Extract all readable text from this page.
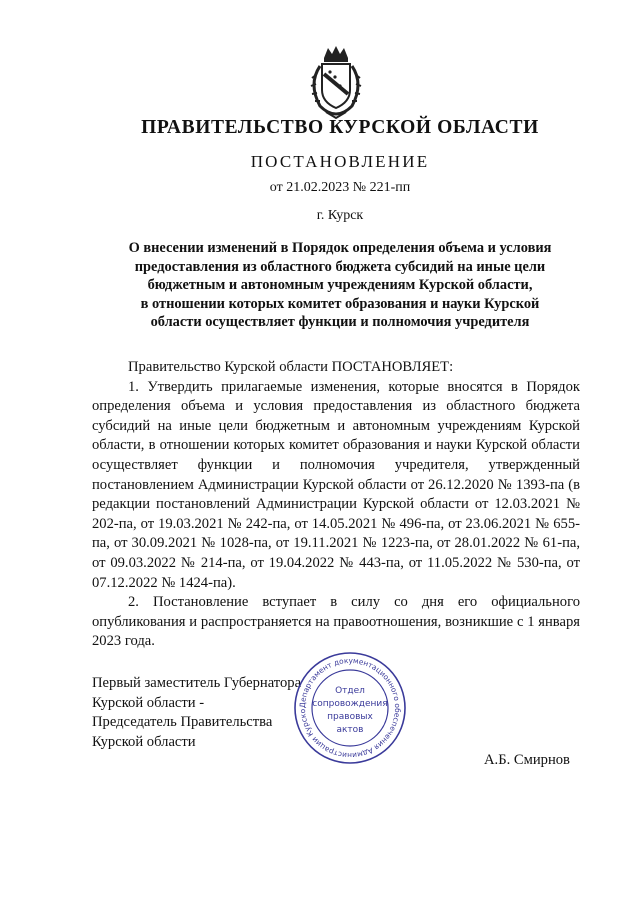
ПРАВИТЕЛЬСТВО КУРСКОЙ ОБЛАСТИ
ПОСТАНОВЛЕНИЕ
от 21.02.2023 № 221-пп
г. Курск
О внесении изменений в Порядок определения объема и условия
предоставления из областного бюджета субсидий на иные цели
бюджетным и автономным учреждениям Курской области,
в отношении которых комитет образования и науки Курской
области осуществляет функции и полномочия учредителя

Правительство Курской области ПОСТАНОВЛЯЕТ:

1. Утвердить прилагаемые изменения, которые вносятся в Порядок определения объема и условия предоставления из областного бюджета субсидий на иные цели бюджетным и автономным учреждениям Курской области, в отношении которых комитет образования и науки Курской области осуществляет функции и полномочия учредителя, утвержденный постановлением Администрации Курской области от 26.12.2020 № 1393-па (в редакции постановлений Администрации Курской области от 12.03.2021 № 202-па, от 19.03.2021 № 242-па, от 14.05.2021 № 496-па, от 23.06.2021 № 655-па, от 30.09.2021 № 1028-па, от 19.11.2021 № 1223-па, от 28.01.2022 № 61-па, от 09.03.2022 № 214-па, от 19.04.2022 № 443-па, от 11.05.2022 № 530-па, от 07.12.2022 № 1424-па).

2. Постановление вступает в силу со дня его официального опубликования и распространяется на правоотношения, возникшие с 1 января 2023 года.

Первый заместитель Губернатора
Курской области -
Председатель Правительства
Курской области
А.Б. Смирнов
Департамент документационного обеспечения Администрации Курско
Отдел
сопровождения
правовых
актов
